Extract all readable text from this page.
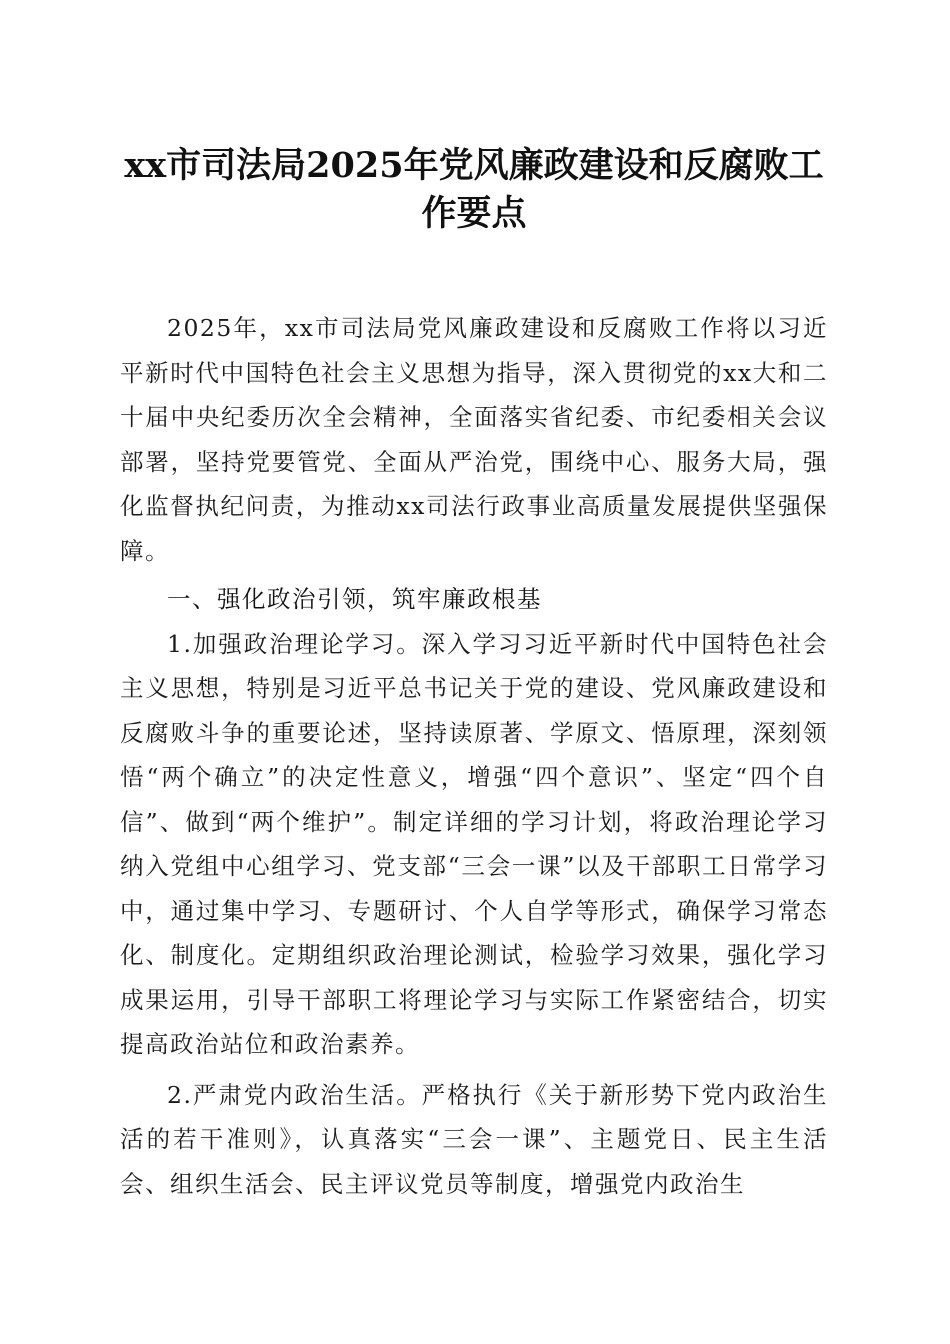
xx市司法局2025年党风廉政建设和反腐败工作要点

2025年，xx市司法局党风廉政建设和反腐败工作将以习近平新时代中国特色社会主义思想为指导，深入贯彻党的xx大和二十届中央纪委历次全会精神，全面落实省纪委、市纪委相关会议部署，坚持党要管党、全面从严治党，围绕中心、服务大局，强化监督执纪问责，为推动xx司法行政事业高质量发展提供坚强保障。

一、强化政治引领，筑牢廉政根基

1.加强政治理论学习。深入学习习近平新时代中国特色社会主义思想，特别是习近平总书记关于党的建设、党风廉政建设和反腐败斗争的重要论述，坚持读原著、学原文、悟原理，深刻领悟“两个确立”的决定性意义，增强“四个意识”、坚定“四个自信”、做到“两个维护”。制定详细的学习计划，将政治理论学习纳入党组中心组学习、党支部“三会一课”以及干部职工日常学习中，通过集中学习、专题研讨、个人自学等形式，确保学习常态化、制度化。定期组织政治理论测试，检验学习效果，强化学习成果运用，引导干部职工将理论学习与实际工作紧密结合，切实提高政治站位和政治素养。

2.严肃党内政治生活。严格执行《关于新形势下党内政治生活的若干准则》，认真落实“三会一课”、主题党日、民主生活会、组织生活会、民主评议党员等制度，增强党内政治生
